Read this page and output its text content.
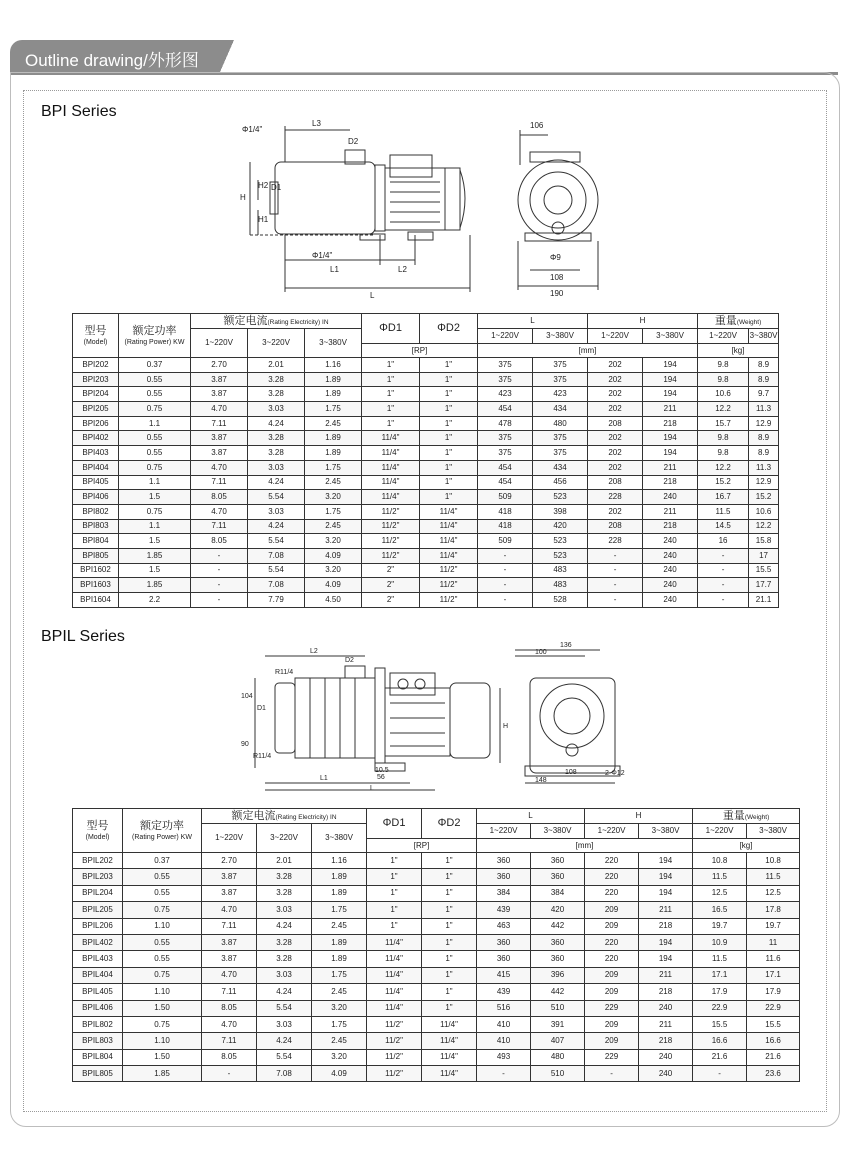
Outline drawing/外形图
BPI Series
Φ1/4"
L3
D2
D1
H
H2
H1
Φ1/4"
L1	L2
L
106
Φ9
108
190
型号
(Model)	额定功率
(Rating Power) KW	额定电流(Rating Electricity) IN			ΦD1	ΦD2	L		H		重量(Weight)	
		1~220V	3~220V	3~380V			1~220V	3~380V	1~220V	3~380V	1~220V	3~380V
					[RP]		[mm]				[kg]	
BPI202	0.37	2.70	2.01	1.16	1"	1"	375	375	202	194	9.8	8.9
BPI203	0.55	3.87	3.28	1.89	1"	1"	375	375	202	194	9.8	8.9
BPI204	0.55	3.87	3.28	1.89	1"	1"	423	423	202	194	10.6	9.7
BPI205	0.75	4.70	3.03	1.75	1"	1"	454	434	202	211	12.2	11.3
BPI206	1.1	7.11	4.24	2.45	1"	1"	478	480	208	218	15.7	12.9
BPI402	0.55	3.87	3.28	1.89	11/4"	1"	375	375	202	194	9.8	8.9
BPI403	0.55	3.87	3.28	1.89	11/4"	1"	375	375	202	194	9.8	8.9
BPI404	0.75	4.70	3.03	1.75	11/4"	1"	454	434	202	211	12.2	11.3
BPI405	1.1	7.11	4.24	2.45	11/4"	1"	454	456	208	218	15.2	12.9
BPI406	1.5	8.05	5.54	3.20	11/4"	1"	509	523	228	240	16.7	15.2
BPI802	0.75	4.70	3.03	1.75	11/2"	11/4"	418	398	202	211	11.5	10.6
BPI803	1.1	7.11	4.24	2.45	11/2"	11/4"	418	420	208	218	14.5	12.2
BPI804	1.5	8.05	5.54	3.20	11/2"	11/4"	509	523	228	240	16	15.8
BPI805	1.85	-	7.08	4.09	11/2"	11/4"	-	523	-	240	-	17
BPI1602	1.5	-	5.54	3.20	2"	11/2"	-	483	-	240	-	15.5
BPI1603	1.85	-	7.08	4.09	2"	11/2"	-	483	-	240	-	17.7
BPI1604	2.2	-	7.79	4.50	2"	11/2"	-	528	-	240	-	21.1
BPIL Series
L2
D2
R11/4
D1
104
90
R11/4
L1
10.5
56
L
H
136
100
108
148
2-Φ12
型号
(Model)	额定功率
(Rating Power) KW	额定电流(Rating Electricity) IN			ΦD1	ΦD2	L		H		重量(Weight)	
		1~220V	3~220V	3~380V			1~220V	3~380V	1~220V	3~380V	1~220V	3~380V
					[RP]		[mm]				[kg]	
BPIL202	0.37	2.70	2.01	1.16	1"	1"	360	360	220	194	10.8	10.8
BPIL203	0.55	3.87	3.28	1.89	1"	1"	360	360	220	194	11.5	11.5
BPIL204	0.55	3.87	3.28	1.89	1"	1"	384	384	220	194	12.5	12.5
BPIL205	0.75	4.70	3.03	1.75	1"	1"	439	420	209	211	16.5	17.8
BPIL206	1.10	7.11	4.24	2.45	1"	1"	463	442	209	218	19.7	19.7
BPIL402	0.55	3.87	3.28	1.89	11/4"	1"	360	360	220	194	10.9	11
BPIL403	0.55	3.87	3.28	1.89	11/4"	1"	360	360	220	194	11.5	11.6
BPIL404	0.75	4.70	3.03	1.75	11/4"	1"	415	396	209	211	17.1	17.1
BPIL405	1.10	7.11	4.24	2.45	11/4"	1"	439	442	209	218	17.9	17.9
BPIL406	1.50	8.05	5.54	3.20	11/4"	1"	516	510	229	240	22.9	22.9
BPIL802	0.75	4.70	3.03	1.75	11/2"	11/4"	410	391	209	211	15.5	15.5
BPIL803	1.10	7.11	4.24	2.45	11/2"	11/4"	410	407	209	218	16.6	16.6
BPIL804	1.50	8.05	5.54	3.20	11/2"	11/4"	493	480	229	240	21.6	21.6
BPIL805	1.85	-	7.08	4.09	11/2"	11/4"	-	510	-	240	-	23.6
